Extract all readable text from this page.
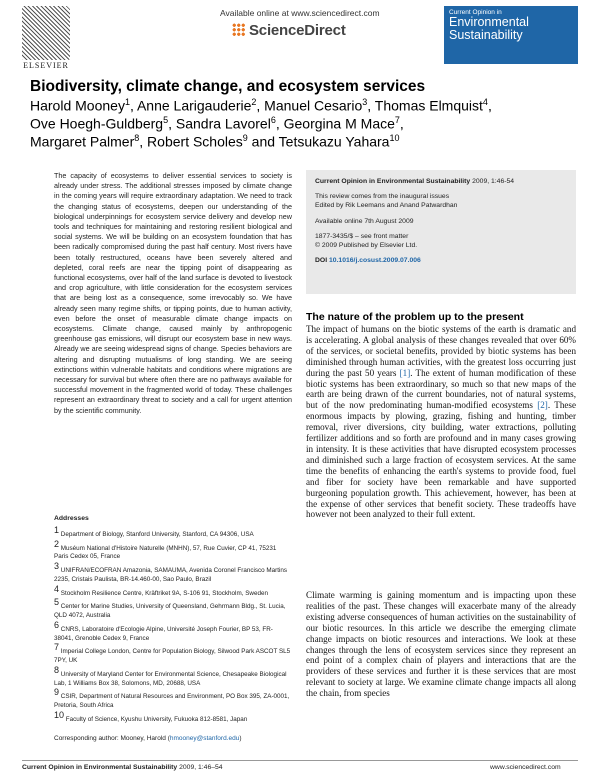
ELSEVIER
Available online at www.sciencedirect.com
ScienceDirect
Current Opinion in
Environmental
Sustainability
Biodiversity, climate change, and ecosystem services
Harold Mooney$^1$, Anne Larigauderie$^2$, Manuel Cesario$^3$, Thomas Elmquist$^4$,
Ove Hoegh-Guldberg$^5$, Sandra Lavorel$^6$, Georgina M Mace$^7$,
Margaret Palmer$^8$, Robert Scholes$^9$ and Tetsukazu Yahara$^{10}$
The capacity of ecosystems to deliver essential services to society is already under stress. The additional stresses imposed by climate change in the coming years will require extraordinary adaptation. We need to track the changing status of ecosystems, deepen our understanding of the biological underpinnings for ecosystem service delivery and develop new tools and techniques for maintaining and restoring resilient biological and social systems. We will be building on an ecosystem foundation that has been radically compromised during the past half century. Most rivers have been totally restructured, oceans have been severely altered and depleted, coral reefs are near the tipping point of disappearing as functional ecosystems, over half of the land surface is devoted to livestock and crop agriculture, with little consideration for the ecosystem services that are being lost as a consequence, some irrevocably so. We have already seen many regime shifts, or tipping points, due to human activity, even before the onset of measurable climate change impacts on ecosystems. Climate change, caused mainly by anthropogenic greenhouse gas emissions, will disrupt our ecosystem base in new ways. Already we are seeing widespread signs of change. Species behaviors are altering and disrupting mutualisms of long standing. We are seeing extinctions within vulnerable habitats and conditions where migrations are necessary for survival but where often there are no pathways available for successful movement in the fragmented world of today. These challenges represent an extraordinary threat to society and a call for urgent attention by the scientific community.
Addresses

$^1$ Department of Biology, Stanford University, Stanford, CA 94306, USA

$^2$ Muséum National d'Histoire Naturelle (MNHN), 57, Rue Cuvier, CP 41, 75231 Paris Cedex 05, France

$^3$ UNIFRAN/ECOFRAN Amazonia, SAMAUMA, Avenida Coronel Francisco Martins 2235, Cristais Paulista, BR-14.460-00, Sao Paulo, Brazil

$^4$ Stockholm Resilience Centre, Kräftriket 9A, S-106 91, Stockholm, Sweden

$^5$ Center for Marine Studies, University of Queensland, Gehrmann Bldg., St. Lucia, QLD 4072, Australia

$^6$ CNRS, Laboratoire d'Ecologie Alpine, Université Joseph Fourier, BP 53, FR-38041, Grenoble Cedex 9, France

$^7$ Imperial College London, Centre for Population Biology, Silwood Park ASCOT SL5 7PY, UK

$^8$ University of Maryland Center for Environmental Science, Chesapeake Biological Lab, 1 Williams Box 38, Solomons, MD, 20688, USA

$^9$ CSIR, Department of Natural Resources and Environment, PO Box 395, ZA-0001, Pretoria, South Africa

$^{10}$ Faculty of Science, Kyushu University, Fukuoka 812-8581, Japan

Corresponding author: Mooney, Harold (hmooney@stanford.edu)
Current Opinion in Environmental Sustainability 2009, 1:46-54
This review comes from the inaugural issues
Edited by Rik Leemans and Anand Patwardhan
Available online 7th August 2009
1877-3435/$ – see front matter
© 2009 Published by Elsevier Ltd.
DOI 10.1016/j.cosust.2009.07.006
The nature of the problem up to the present
The impact of humans on the biotic systems of the earth is dramatic and is accelerating. A global analysis of these changes revealed that over 60% of the services, or societal benefits, provided by biotic systems has been diminished through human activities, with the greatest loss occurring just during the past 50 years [1]. The extent of human modification of these biotic systems has been extraordinary, so much so that new maps of the earth are being drawn of the current boundaries, not of natural systems, but of the now predominating human-modified ecosystems [2]. These enormous impacts by plowing, grazing, fishing and hunting, timber removal, river diversions, city building, water extractions, polluting fertilizer additions and so forth are profound and in many cases growing in intensity. It is these activities that have disrupted ecosystem processes and diminished such a large fraction of ecosystem services. At the same time the benefits of enhancing the earth's systems to provide food, fuel and fiber for society have been remarkable and have supported burgeoning population growth. This achievement, however, has been at the expense of other services that benefit society. These tradeoffs have however not been analyzed to their full extent.
Climate warming is gaining momentum and is impacting upon these realities of the past. These changes will exacerbate many of the already existing adverse consequences of human activities on the sustainability of our biotic resources. In this article we describe the emerging climate change impacts on biotic resources and interactions. We look at these changes through the lens of ecosystem services since they represent an end point of a complex chain of players and interactions that are the providers of these services and further it is these services that are most relevant to society at large. We examine climate change impacts all along the chain, from species
Current Opinion in Environmental Sustainability 2009, 1:46–54	www.sciencedirect.com
